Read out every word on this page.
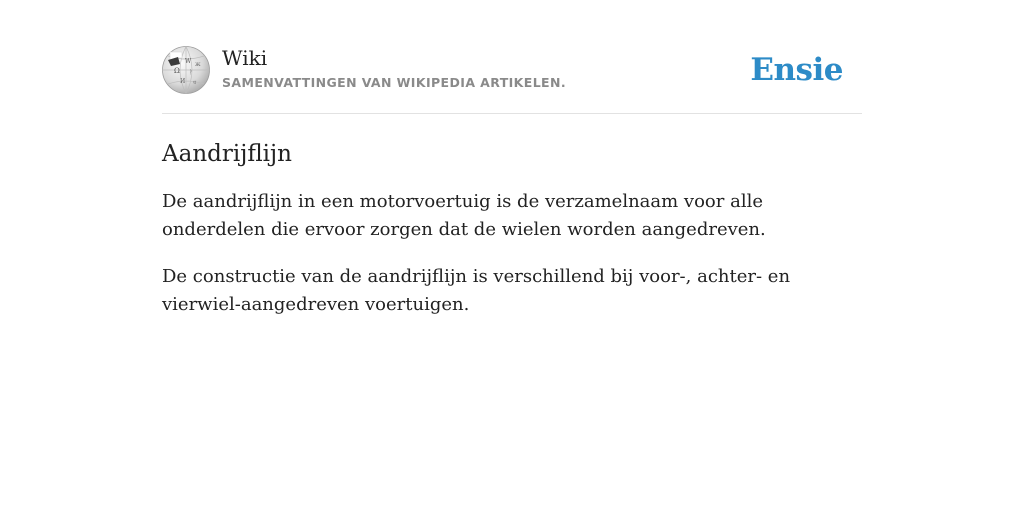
W
Ω ᚹ
И
Ж
ध
Wiki
SAMENVATTINGEN VAN WIKIPEDIA ARTIKELEN.	Ensie
Aandrijflijn

De aandrijflijn in een motorvoertuig is de verzamelnaam voor alle onderdelen die ervoor zorgen dat de wielen worden aangedreven.

De constructie van de aandrijflijn is verschillend bij voor-, achter- en vierwiel-aangedreven voertuigen.
